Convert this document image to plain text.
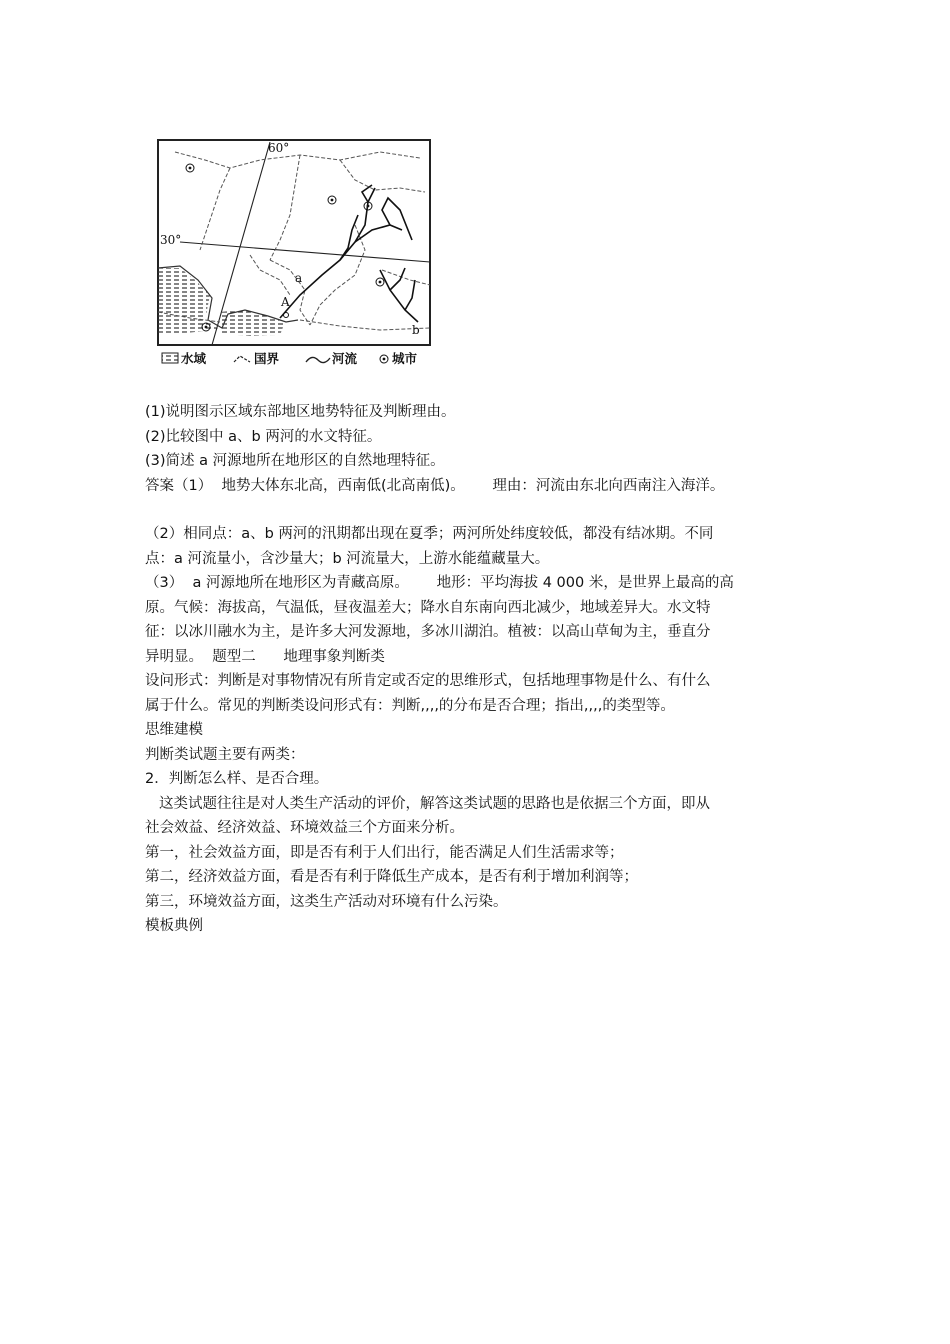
60°
30°
a
b
A
水域	国界	河流	城市

(1)说明图示区域东部地区地势特征及判断理由。

(2)比较图中 a、b 两河的水文特征。

(3)简述 a 河源地所在地形区的自然地理特征。

答案（1）  地势大体东北高，西南低(北高南低)。      理由：河流由东北向西南注入海洋。

（2）相同点：a、b 两河的汛期都出现在夏季；两河所处纬度较低，都没有结冰期。不同

点：a 河流量小，含沙量大；b 河流量大，上游水能蕴藏量大。

（3）  a 河源地所在地形区为青藏高原。      地形：平均海拔 4 000 米，是世界上最高的高

原。气候：海拔高，气温低，昼夜温差大；降水自东南向西北减少，地域差异大。水文特

征：以冰川融水为主，是许多大河发源地，多冰川湖泊。植被：以高山草甸为主，垂直分

异明显。  题型二      地理事象判断类

设问形式：判断是对事物情况有所肯定或否定的思维形式，包括地理事物是什么、有什么

属于什么。常见的判断类设问形式有：判断,,,,的分布是否合理；指出,,,,的类型等。

思维建模

判断类试题主要有两类：

2．判断怎么样、是否合理。

这类试题往往是对人类生产活动的评价，解答这类试题的思路也是依据三个方面，即从

社会效益、经济效益、环境效益三个方面来分析。

第一，社会效益方面，即是否有利于人们出行，能否满足人们生活需求等；

第二，经济效益方面，看是否有利于降低生产成本，是否有利于增加利润等；

第三，环境效益方面，这类生产活动对环境有什么污染。

模板典例
